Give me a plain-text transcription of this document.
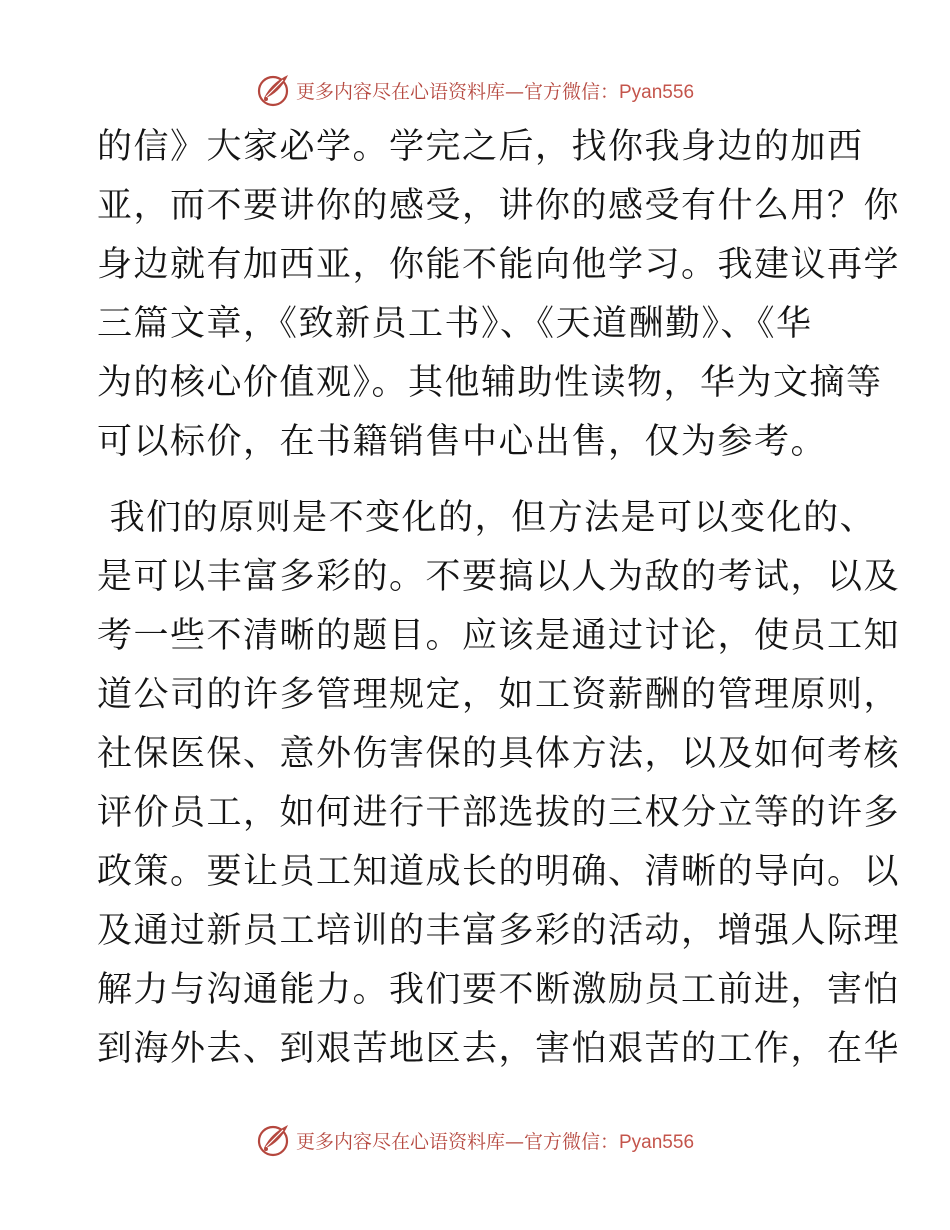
更多内容尽在心语资料库—官方微信：Pyan556

的信》大家必学。学完之后，找你我身边的加西
亚，而不要讲你的感受，讲你的感受有什么用？你
身边就有加西亚，你能不能向他学习。我建议再学
三篇文章，《致新员工书》、《天道酬勤》、《华
为的核心价值观》。其他辅助性读物，华为文摘等
可以标价，在书籍销售中心出售，仅为参考。

我们的原则是不变化的，但方法是可以变化的、
是可以丰富多彩的。不要搞以人为敌的考试，以及
考一些不清晰的题目。应该是通过讨论，使员工知
道公司的许多管理规定，如工资薪酬的管理原则，
社保医保、意外伤害保的具体方法，以及如何考核
评价员工，如何进行干部选拔的三权分立等的许多
政策。要让员工知道成长的明确、清晰的导向。以
及通过新员工培训的丰富多彩的活动，增强人际理
解力与沟通能力。我们要不断激励员工前进，害怕
到海外去、到艰苦地区去，害怕艰苦的工作，在华

更多内容尽在心语资料库—官方微信：Pyan556
